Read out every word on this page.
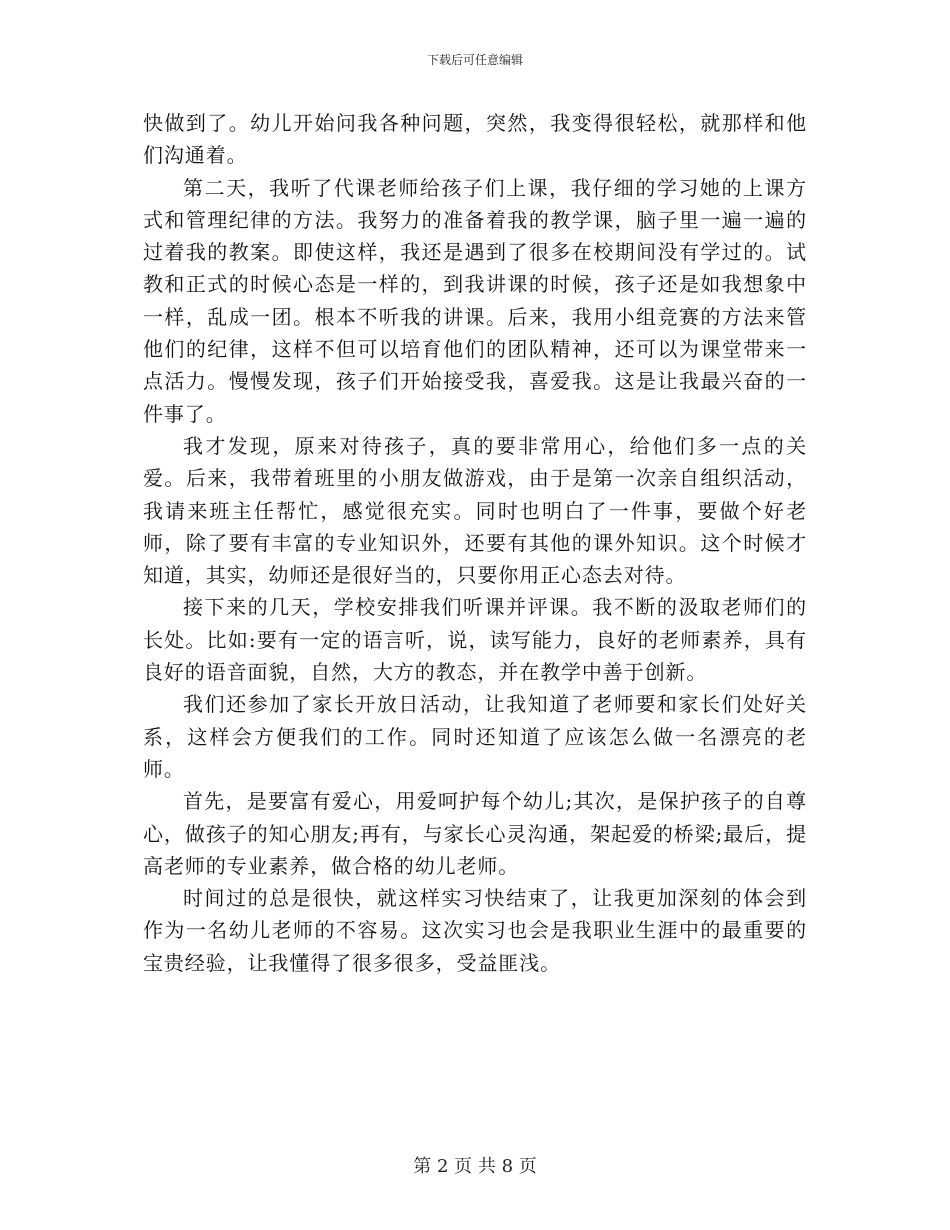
下载后可任意编辑

快做到了。幼儿开始问我各种问题，突然，我变得很轻松，就那样和他们沟通着。

第二天，我听了代课老师给孩子们上课，我仔细的学习她的上课方式和管理纪律的方法。我努力的准备着我的教学课，脑子里一遍一遍的过着我的教案。即使这样，我还是遇到了很多在校期间没有学过的。试教和正式的时候心态是一样的，到我讲课的时候，孩子还是如我想象中一样，乱成一团。根本不听我的讲课。后来，我用小组竞赛的方法来管他们的纪律，这样不但可以培育他们的团队精神，还可以为课堂带来一点活力。慢慢发现，孩子们开始接受我，喜爱我。这是让我最兴奋的一件事了。

我才发现，原来对待孩子，真的要非常用心，给他们多一点的关爱。后来，我带着班里的小朋友做游戏，由于是第一次亲自组织活动，我请来班主任帮忙，感觉很充实。同时也明白了一件事，要做个好老师，除了要有丰富的专业知识外，还要有其他的课外知识。这个时候才知道，其实，幼师还是很好当的，只要你用正心态去对待。

接下来的几天，学校安排我们听课并评课。我不断的汲取老师们的长处。比如:要有一定的语言听，说，读写能力，良好的老师素养，具有良好的语音面貌，自然，大方的教态，并在教学中善于创新。

我们还参加了家长开放日活动，让我知道了老师要和家长们处好关系，这样会方便我们的工作。同时还知道了应该怎么做一名漂亮的老师。

首先，是要富有爱心，用爱呵护每个幼儿;其次，是保护孩子的自尊心，做孩子的知心朋友;再有，与家长心灵沟通，架起爱的桥梁;最后，提高老师的专业素养，做合格的幼儿老师。

时间过的总是很快，就这样实习快结束了，让我更加深刻的体会到作为一名幼儿老师的不容易。这次实习也会是我职业生涯中的最重要的宝贵经验，让我懂得了很多很多，受益匪浅。

第 2 页 共 8 页
